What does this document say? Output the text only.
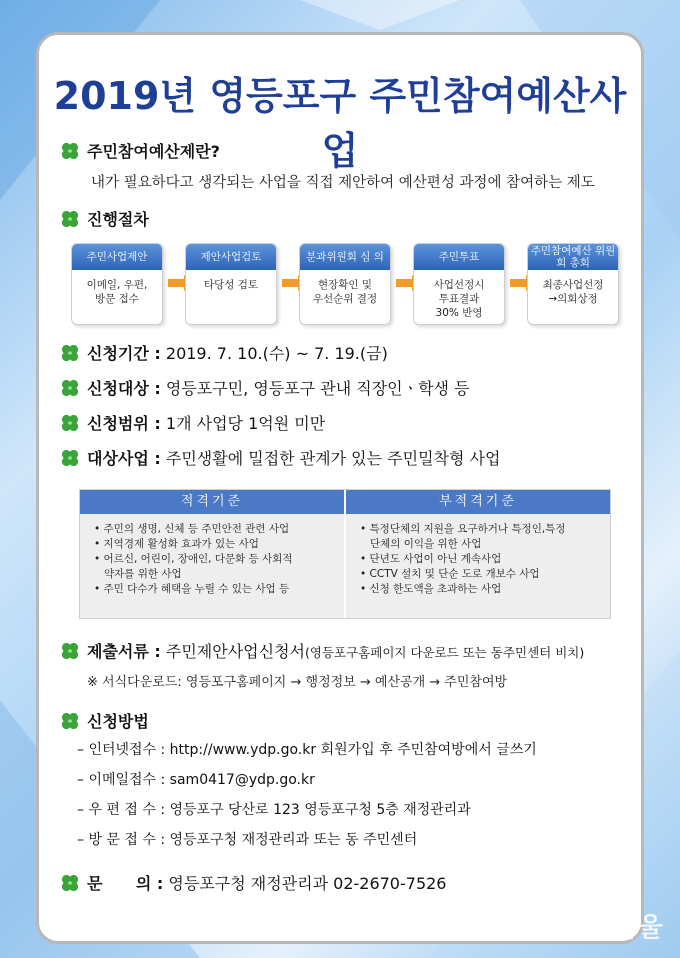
2019년 영등포구 주민참여예산사업
주민참여예산제란?
내가 필요하다고 생각되는 사업을 직접 제안하여 예산편성 과정에 참여하는 제도
진행절차
주민사업제안
이메일, 우편,
방문 접수
제안사업검토
타당성 검토
분과위원회 심 의
현장확인 및
우선순위 결정
주민투표
사업선정시
투표결과
30% 반영
주민참여예산 위원회 총회
최종사업선정
→의회상정
신청기간 : 2019. 7. 10.(수) ~ 7. 19.(금)
신청대상 : 영등포구민, 영등포구 관내 직장인ㆍ학생 등
신청범위 : 1개 사업당 1억원 미만
대상사업 : 주민생활에 밀접한 관계가 있는 주민밀착형 사업
적격기준
• 주민의 생명, 신체 등 주민안전 관련 사업
• 지역경제 활성화 효과가 있는 사업
• 어르신, 어린이, 장애인, 다문화 등 사회적
약자를 위한 사업
• 주민 다수가 혜택을 누릴 수 있는 사업 등
부적격기준
• 특정단체의 지원을 요구하거나 특정인,특정
단체의 이익을 위한 사업
• 단년도 사업이 아닌 계속사업
• CCTV 설치 및 단순 도로 개보수 사업
• 신청 한도액을 초과하는 사업
제출서류 : 주민제안사업신청서(영등포구홈페이지 다운로드 또는 동주민센터 비치)
※ 서식다운로드: 영등포구홈페이지 → 행정정보 → 예산공개 → 주민참여방
신청방법
– 인터넷접수 : http://www.ydp.go.kr 회원가입 후 주민참여방에서 글쓰기
– 이메일접수 : sam0417@ydp.go.kr
– 우 편 접 수 : 영등포구 당산로 123 영등포구청 5층 재정관리과
– 방 문 접 수 : 영등포구청 재정관리과 또는 동 주민센터
문      의 : 영등포구청 재정관리과 02-2670-7526
SBCTV서울
